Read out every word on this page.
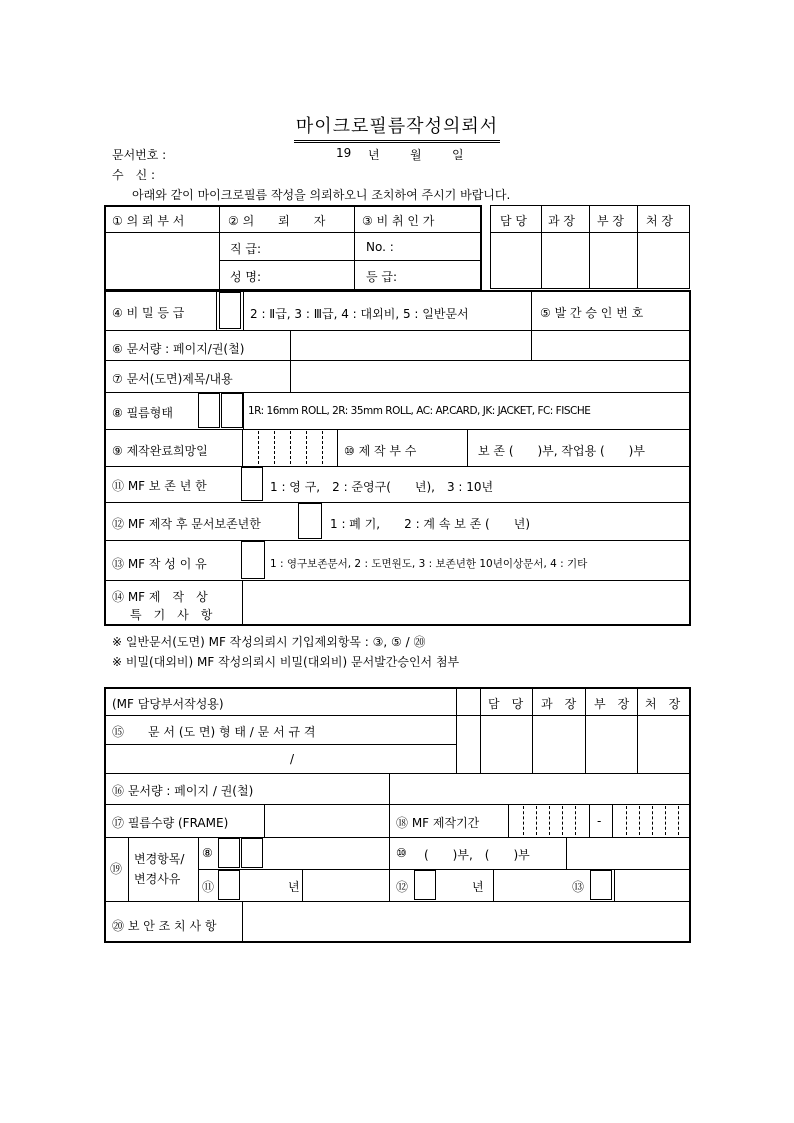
마이크로필름작성의뢰서
문서번호 :	19 년	월	일
수　신 :
아래와 같이 마이크로필름 작성을 의뢰하오니 조치하여 주시기 바랍니다.
① 의 뢰 부 서	② 의　　뢰　　자	③ 비 취 인 가
직 급:	No. :
성 명:	등 급:
담 당 과 장 부 장 처 장
④ 비 밀 등 급	2 : Ⅱ급, 3 : Ⅲ급, 4 : 대외비, 5 : 일반문서	⑤ 발 간 승 인 번 호
⑥ 문서량 : 페이지/권(철)
⑦ 문서(도면)제목/내용
⑧ 필름형태	1R: 16mm ROLL, 2R: 35mm ROLL, AC: AP.CARD, JK: JACKET, FC: FISCHE
⑨ 제작완료희망일	⑩ 제 작 부 수	보 존 (　　)부, 작업용 (　　)부
⑪ MF 보 존 년 한	1 : 영 구,　2 : 준영구(　　년),　3 : 10년
⑫ MF 제작 후 문서보존년한	1 : 폐 기,　　2 : 계 속 보 존 (　　년)
⑬ MF 작 성 이 유	1 : 영구보존문서, 2 : 도면원도, 3 : 보존년한 10년이상문서, 4 : 기타
⑭ MF 제　작　상
특　기　사　항
※ 일반문서(도면) MF 작성의뢰시 기입제외항목 : ③, ⑤ / ⑳
※ 비밀(대외비) MF 작성의뢰시 비밀(대외비) 문서발간승인서 첨부
(MF 담당부서작성용)	담　당 과　장 부　장 처　장
⑮　　문 서 (도 면) 형 태 / 문 서 규 격
/
⑯ 문서량 : 페이지 / 권(철)
⑰ 필름수량 (FRAME)	⑱ MF 제작기간	-
⑲
변경항목/
변경사유
⑧	⑩ (　　)부,　(　　)부
⑪	년	⑫	년	⑬
⑳ 보 안 조 치 사 항
